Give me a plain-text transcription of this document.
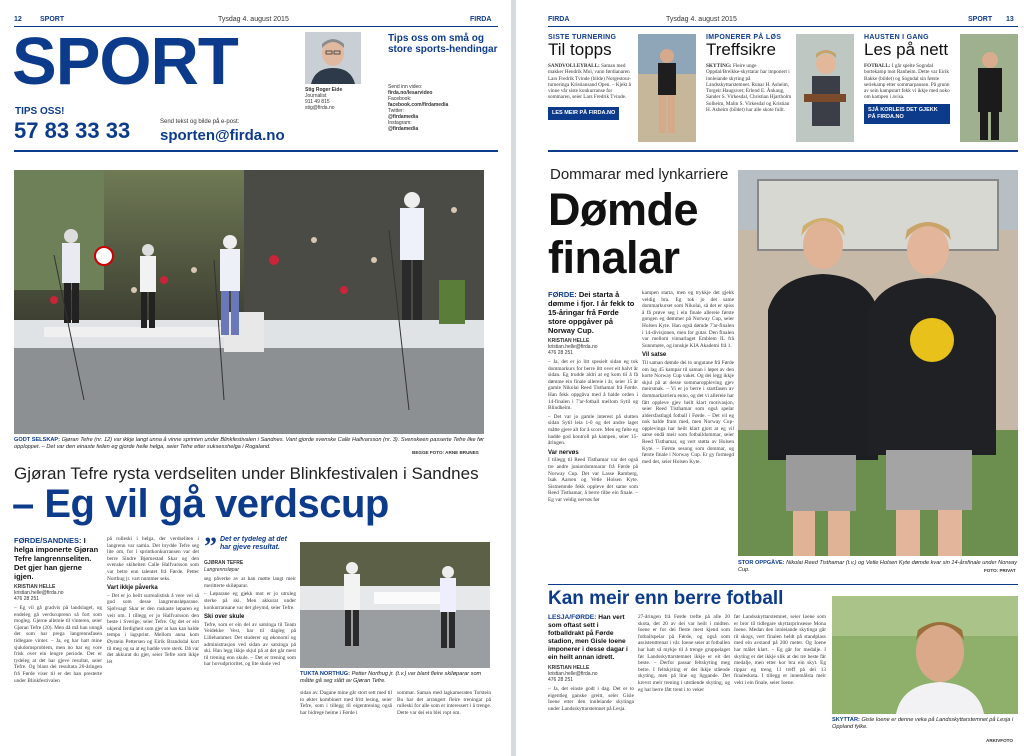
12	SPORT	Tysdag 4. august 2015	FIRDA
SPORT
TIPS OSS!
57 83 33 33	Send tekst og bilde på e-post:
sporten@firda.no
Stig Roger Eide
Journalist
911 49 815
stig@firda.no
Tips oss om små og store sports-hendingar
Send inn video:
firda.no/lesarvideo
Facebook:
facebook.com/firdamedia
Twitter:
@firdamedia
Instagram:
@firdamedia
GODT SELSKAP: Gjøran Tefre (nr. 12) var ikkje langt unna å vinne sprinten under Blinkfestivalen i Sandnes. Vant gjorde svenske Calle Halfvarsson (nr. 3). Svenskeen passerte Tefre like før opploppet. – Det var den einaste feilen eg gjorde heile helga, seier Tefre etter suksesshelga i Rogaland.
BEGGE FOTO: ARNE BRUNES
Gjøran Tefre rysta verdseliten under Blinkfestivalen i Sandnes
– Eg vil gå verdscup
FØRDE/SANDNES: I helga imponerte Gjøran Tefre langrennseliten. Det gjer han gjerne igjen.
KRISTIAN HELLE
kristian.helle@firda.no
476 28 251

– Eg vil gå gradvis på landslaget, og endeleg gå verdscuprenn så fort som mogleg. Gjerne allereie til vinteren, seier Gjøran Tefre (20). Men då må han unngå det som har prega langrennsfasen tidlegare vinter. – Ja, eg har hatt mine sjukdomsproblem, men no har eg vore frisk over ein lengre periode. Det er tydeleg at det har gjeve resultat, seier Tefre. Og blant dei resultata 20-åringen frå Førde viser til er det han presterte under Blinkfestivalen

på rulleski i helga, der verdseliten i langrenn var samla. Det brydde Tefre seg lite om, for i sprintkonkurransen var det berre Sindre Bjørnestad Skar og den svenske skiheiten Calle Halfvarsson som var betre enn talentet frå Førde. Petter Northug jr. vart nummer seks.

Vart ikkje påverka

– Det er jo heilt surrealistisk å vere vel så god som desse langrennsløparane. Sjølvsagt Skar er den raskaste løparen eg veit om. I tillegg er jo Halfvarsson den beste i Sverige, seier Tefre. Og det er ein ukjend ferdigheit som gjer at han kan halde tempo i lagsprint. Mellom anna kom Øystein Pettersen og Eirik Brandsdal kort til meg og sa at eg hadde vore sterk. Då var det akkurat du gjer, seier Tefre som ikkje lét

” Det er tydeleg at det har gjeve resultat.
GJØRAN TEFRE
Langrennsløpar

seg påverke av at han møtte langt meir meritterte skiløparar.

– Løparane eg gjekk mot er jo utruleg sterke på ski. Men akkurat under konkurransane var det gleymd, seier Tefre.

Ski over skule

Tefre, som er ein del av satsinga til Team Veidekke Vest, har til dagleg på Lillehammer. Det studerer og økonomi og administrasjon ved sidan av satsinga på ski. Han legg ikkje skjul på at det går mest til trening enn skule. – Det er trening som har hovudprioritet, og lite skule ved

TUKTA NORTHUG: Petter Northug jr. (t.v.) var blant fleire skiløparar som måtte gå seg slått av Gjøran Tefre.

sidan av. Dagane mine går stort sett med til to økter kombinert med fritt lesing, seier Tefre, som i tillegg til eigentrening også har bidrege heime i Førde i

sommar. Saman med lagkameraten Torstein Bu har det arrangert fleire treningar på rulleski for alle som er interessert i å trenge. Dette var dei ein blei ropt om.

FIRDA	Tysdag 4. august 2015	SPORT 13
SISTE TURNERING
Til topps
SANDVOLLEYBALL: Saman med makker Hendrik Mol, vann førdianaren Lars Fredrik Tvinde (bilde) Norgestour-turneringa Kristiansand Open. – Kjekt å vinne vår siste konkurranse for sommaren, seier Lars Fredrik Tvinde.
LES MEIR PÅ FIRDA.NO
IMPONERER PÅ LØS
Treffsikre
SKYTING: Fleire unge Oppdal/Breikke-skyttarar har imponert i innleiande skyting på Landsskyttarstemnet. Runar H. Asheim, Torgeir Haugsvær, Erlend E. Ånkaug, Sander S. Virkesdal, Christian Hjartholm Solheim, Malin S. Virkesdal og Kristian H. Asheim (bildet) har alle skote fullt.
HAUSTEN I GANG
Les på nett
FOTBALL: I går spelte Sogndal bortekamp mot Ranheim. Dette var Eirik Bakke (bildet) og Sogndal sin første seriekamp etter sommarpausen. På grunn av sein kampstart fekk vi ikkje med noko om kampen i avisa.
SJÅ KORLEIS DET GJEKK PÅ FIRDA.NO
Dommarar med lynkarriere
Dømde finalar
STOR OPPGÅVE: Nikolai Reed Tisthamar (t.v.) og Vetle Holsen Kyte dømde kvar sin 14-årsfinale under Norway Cup.	FOTO: PRIVAT
FØRDE: Dei starta å dømme i fjor. I år fekk to 15-åringar frå Førde store oppgåver på Norway Cup.
KRISTIAN HELLE
kristian.helle@firda.no
476 28 251

– Ja, det er jo litt spesielt sidan eg tok dommarkurs for berre litt over eit halvt år sidan. Eg trudde aldri at eg kom til å få dømme ein finale allereie i år, seier 15 år gamle Nikolai Reed Tisthamar frå Førde. Han fekk oppgåva med å halde orden i 14-finalen i 7'ar-fotball mellom Sytil og Blindheim.

– Det var jo gamle interest på slutten sidan Sytil leia 1-0 og det andre laget måtte gjere alt for å score. Men eg følte eg hadde god kontroll på kampen, seier 15-åringen.

Var nervøs

I tillegg til Reed Tisthamar var det også tre andre juniordommarar frå Førde på Norway Cup. Det var Lasse Ramberg, Isak Aarsen og Vetle Holsen Kyte. Sistnemnde fekk oppleve det same som Reed Tisthamar, å berre tilbe ein finale. – Eg var veldig nervøs før

kampen starta, men eg trykkje det gjekk veldig bra. Eg tok jo det same dommarkurset som Nikolai, så det er spiss å få prøve seg i ein finale allereie første gongen eg dømmer på Norway Cup, seier Holsen Kyte. Han også dømde 7'ar-finalen i 14-divisjonen, men for gutar. Den finalen var mellom vinnarlaget Emblem IL frå Sunnmøre, og innskje KIA Akademi frå 1.

Vil satse

Til saman dømde dei to ungutane frå Førde om lag 45 kampar til saman i løpet av den korte Norway Cup vaket. Og dei legg ikkje skjul på at desse sommaroppleving gjev meirsmak. – Vi er jo berre i startfasen av dommarkarriera enno, og det vi allereie har fått oppleve gjev heilt klart motivasjon, seier Reed Tisthamar som også spelar aldersfastlagd fotball i Førde. – Det vil eg nok halde fram med, men Norway Cup-opplevinga har heilt klart gjort at eg vil satse endå meir som fotballdommar, seier Reed Tisthamar, og vert støtta av Holsen Kyte. – Første sesong som dommar, og første finale i Norway Cup. Er gy formegd med det, seier Holsen Kyte.

Kan meir enn berre fotball
LESJA/FØRDE: Han vert som oftast sett i fotballdrakt på Førde stadion, men Gisle Ioene imponerer i desse dagar i ein heilt annan idrett.
KRISTIAN HELLE
kristian.helle@firda.no
476 28 251

– Ja, det einste godt i dag. Det er to eigentleg ganske greitt, seier Gisle Ioene etter den innleiande skytinga under Landsskyttarstemnet på Lesja.

27-åringen frå Førde trefte på alle 20 skota, det 20 av dei var heilt i midten. Ioene er for dei fleste mest kjend som fotballspelar på Førde, og også som assistenttrenar i vår. Ioene seier at fotballen har hatt så mykje til å trenge gruppelaget før Landsskyttarstemnet ikkje er eit det beste. – Derfor passar feltskyting meg betre. I feltskyting er det ikkje stående skyting, men på line og liggande. Det krevst meir trening i utstående skyting, og eg har berre fått trent i to veker

før Landsskyttarstemnet, seier Ioene som er bror til tidlegare skyttarprinsesse Mona Ioene. Medan den innleiande skytinga går til skogs, vert finalen heldt på standplass med ein avstand på 200 meter. Og Ioene har målet klart. – Eg går for medalje. I skyting er det ikkje slik at dei tre beste får medalje, men etter kor bra ein skyt. Eg tippar eg treng 11 treff på dei 13 finaleskota. I tillegg er innemålsta meir vekt i ein finale, seier Ioene.

SKYTTAR: Gisle Ioene er denne veka på Landsskyttarstemnet på Lesja i Oppland fylke.
ARKIVFOTO
